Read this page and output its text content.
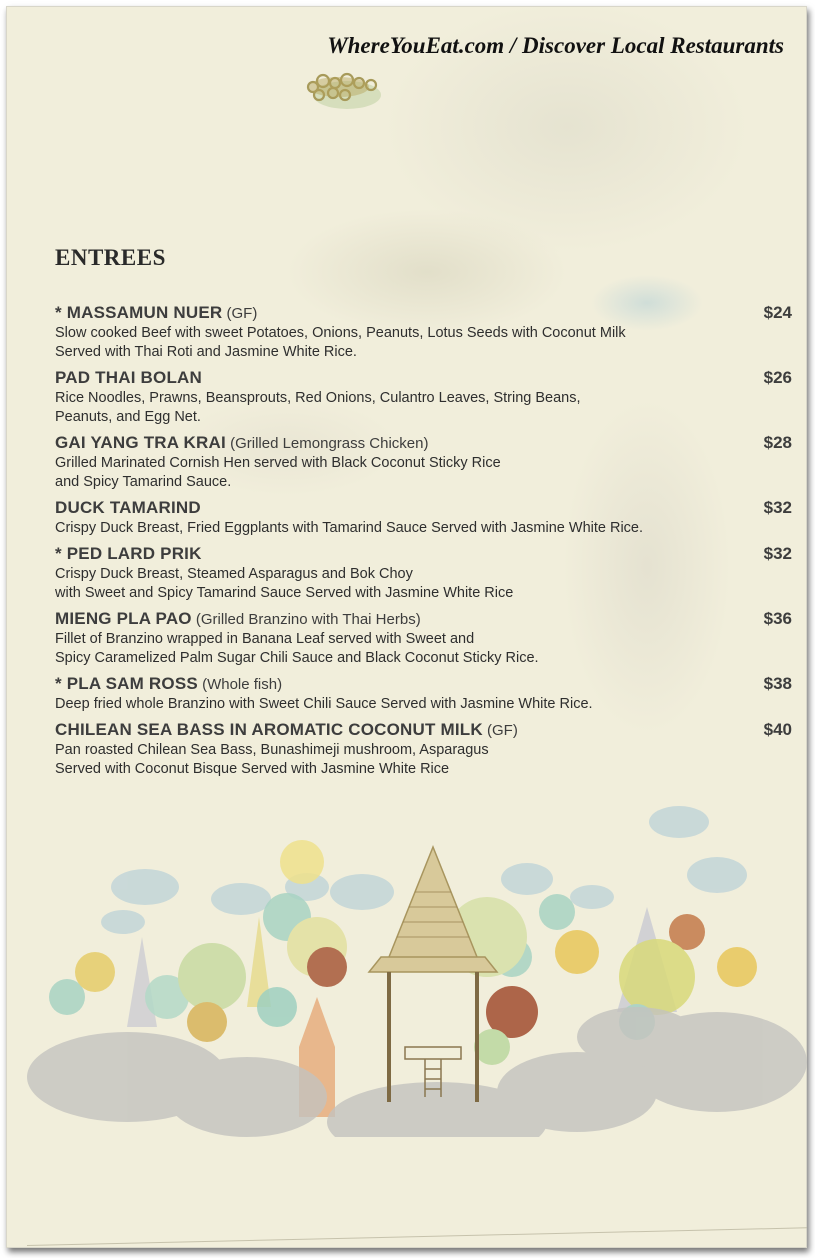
WhereYouEat.com / Discover Local Restaurants
ENTREES
* MASSAMUN NUER (GF)	$24
Slow cooked Beef with sweet Potatoes, Onions, Peanuts, Lotus Seeds with Coconut Milk
Served with Thai Roti and Jasmine White Rice.
PAD THAI BOLAN	$26
Rice Noodles, Prawns, Beansprouts, Red Onions, Culantro Leaves, String Beans,
Peanuts, and Egg Net.
GAI YANG TRA KRAI (Grilled Lemongrass Chicken)	$28
Grilled Marinated Cornish Hen served with Black Coconut Sticky Rice
and Spicy Tamarind Sauce.
DUCK TAMARIND	$32
Crispy Duck Breast, Fried Eggplants with Tamarind Sauce Served with Jasmine White Rice.
* PED LARD PRIK	$32
Crispy Duck Breast, Steamed Asparagus and Bok Choy
with Sweet and Spicy Tamarind Sauce Served with Jasmine White Rice
MIENG PLA PAO (Grilled Branzino with Thai Herbs)	$36
Fillet of Branzino wrapped in Banana Leaf served with Sweet and
Spicy Caramelized Palm Sugar Chili Sauce and Black Coconut Sticky Rice.
* PLA SAM ROSS (Whole fish)	$38
Deep fried whole Branzino with Sweet Chili Sauce Served with Jasmine White Rice.
CHILEAN SEA BASS IN AROMATIC COCONUT MILK (GF)	$40
Pan roasted Chilean Sea Bass, Bunashimeji mushroom, Asparagus
Served with Coconut Bisque Served with Jasmine White Rice
